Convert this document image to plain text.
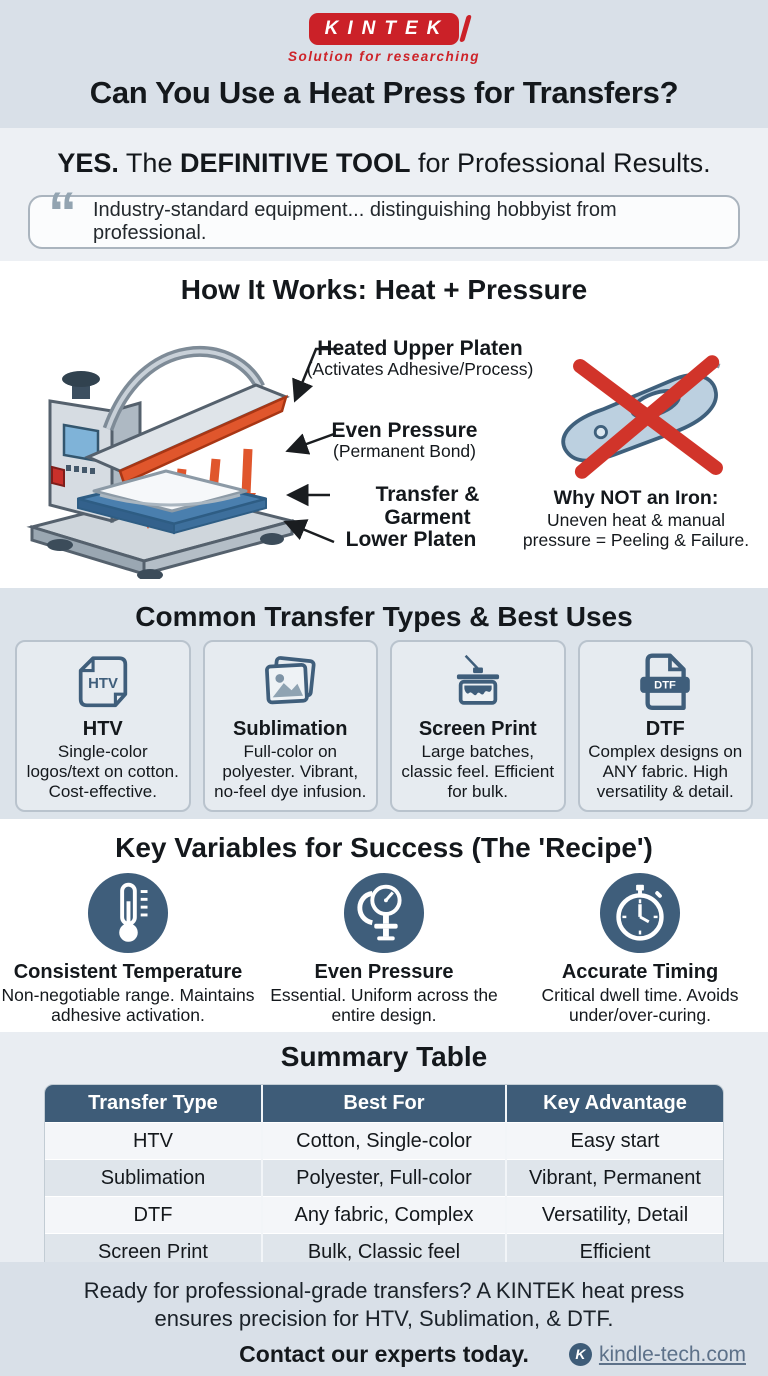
KINTEK
Solution for researching
Can You Use a Heat Press for Transfers?
YES. The DEFINITIVE TOOL for Professional Results.
“ Industry-standard equipment... distinguishing hobbyist from professional.
How It Works: Heat + Pressure
Heated Upper Platen
(Activates Adhesive/Process)
Even Pressure
(Permanent Bond)
Transfer & Garment
Lower Platen
Why NOT an Iron:
Uneven heat & manual
pressure = Peeling & Failure.
Common Transfer Types & Best Uses
HTV
HTV
Single-color logos/text on cotton. Cost-effective.
Sublimation
Full-color on polyester. Vibrant, no-feel dye infusion.
Screen Print
Large batches, classic feel. Efficient for bulk.
DTF
DTF
Complex designs on ANY fabric. High versatility & detail.
Key Variables for Success (The 'Recipe')
Consistent Temperature
Non-negotiable range. Maintains adhesive activation.
Even Pressure
Essential. Uniform across the entire design.
Accurate Timing
Critical dwell time. Avoids under/over-curing.
Summary Table
Transfer Type	Best For	Key Advantage
HTV	Cotton, Single-color	Easy start
Sublimation	Polyester, Full-color	Vibrant, Permanent
DTF	Any fabric, Complex	Versatility, Detail
Screen Print	Bulk, Classic feel	Efficient
Ready for professional-grade transfers? A KINTEK heat press
ensures precision for HTV, Sublimation, & DTF.
Contact our experts today.	K kindle-tech.com
